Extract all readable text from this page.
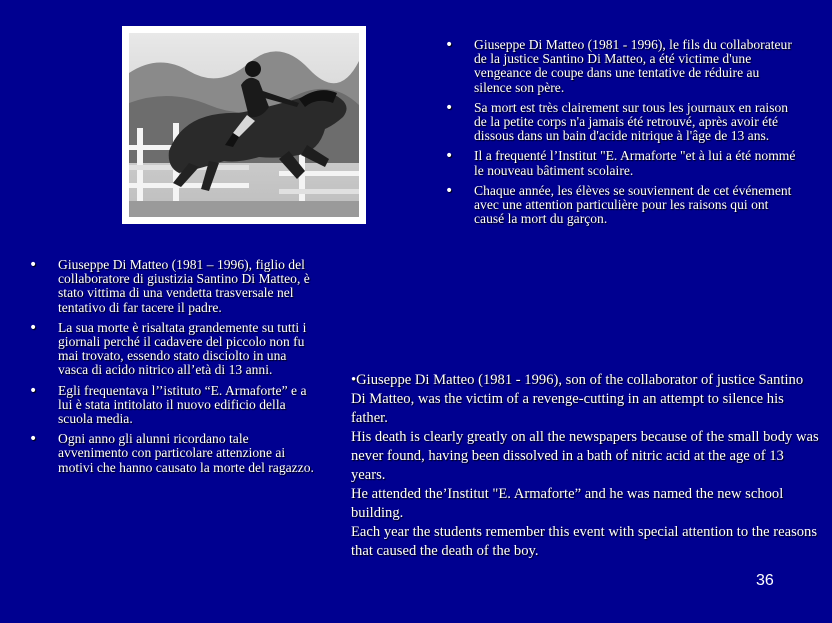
• Giuseppe Di Matteo (1981 - 1996), le fils du collaborateur de la justice Santino Di Matteo, a été victime d'une vengeance de coupe dans une tentative de réduire au silence son père.
• Sa mort est très clairement sur tous les journaux en raison de la petite corps n'a jamais été retrouvé, après avoir été dissous dans un bain d'acide nitrique à l'âge de 13 ans.
• Il a frequenté l’Institut "E. Armaforte "et à lui a été nommé le nouveau bâtiment scolaire.
• Chaque année, les élèves se souviennent de cet événement avec une attention particulière pour les raisons qui ont causé la mort du garçon.
• Giuseppe Di Matteo (1981 – 1996), figlio del collaboratore di giustizia Santino Di Matteo, è stato vittima di una vendetta trasversale nel tentativo di far tacere il padre.
• La sua morte è risaltata grandemente su tutti i giornali perché il cadavere del piccolo non fu mai trovato, essendo stato disciolto in una vasca di acido nitrico all’età di 13 anni.
• Egli frequentava l’’istituto “E. Armaforte” e a lui è stata intitolato il nuovo edificio della scuola media.
• Ogni anno gli alunni ricordano tale avvenimento con particolare attenzione ai motivi che hanno causato la morte del ragazzo.

•Giuseppe Di Matteo (1981 - 1996), son of the collaborator of justice Santino Di Matteo, was the victim of a revenge-cutting in an attempt to silence his father.

His death is clearly greatly on all the newspapers because of the small body was never found, having been dissolved in a bath of nitric acid at the age of 13 years.

He attended the’Institut "E. Armaforte” and he was named the new school building.

Each year the students remember this event with special attention to the reasons that caused the death of the boy.

36
